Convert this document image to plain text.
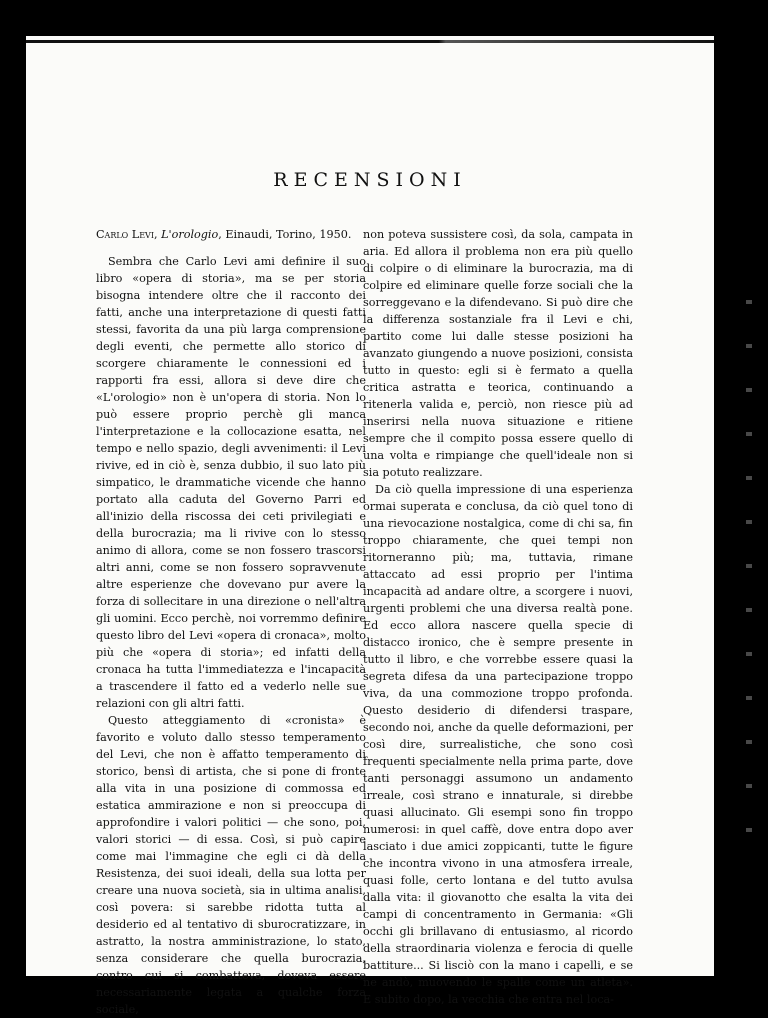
RECENSIONI

Carlo Levi, L'orologio, Einaudi, Torino, 1950.

Sembra che Carlo Levi ami definire il suo libro «opera di storia», ma se per storia bisogna intendere oltre che il racconto dei fatti, anche una interpretazione di questi fatti stessi, favorita da una più larga comprensione degli eventi, che permette allo storico di scorgere chiaramente le connessioni ed i rapporti fra essi, allora si deve dire che «L'orologio» non è un'opera di storia. Non lo può essere proprio perchè gli manca l'interpretazione e la collocazione esatta, nel tempo e nello spazio, degli avvenimenti: il Levi rivive, ed in ciò è, senza dubbio, il suo lato più simpatico, le drammatiche vicende che hanno portato alla caduta del Governo Parri ed all'inizio della riscossa dei ceti privilegiati e della burocrazia; ma li rivive con lo stesso animo di allora, come se non fossero trascorsi altri anni, come se non fossero sopravvenute altre esperienze che dovevano pur avere la forza di sollecitare in una direzione o nell'altra gli uomini. Ecco perchè, noi vorremmo definire questo libro del Levi «opera di cronaca», molto più che «opera di storia»; ed infatti della cronaca ha tutta l'immediatezza e l'incapacità a trascendere il fatto ed a vederlo nelle sue relazioni con gli altri fatti.

Questo atteggiamento di «cronista» è favorito e voluto dallo stesso temperamento del Levi, che non è affatto temperamento di storico, bensì di artista, che si pone di fronte alla vita in una posizione di commossa ed estatica ammirazione e non si preoccupa di approfondire i valori politici — che sono, poi, valori storici — di essa. Così, si può capire come mai l'immagine che egli ci dà della Resistenza, dei suoi ideali, della sua lotta per creare una nuova società, sia in ultima analisi, così povera: si sarebbe ridotta tutta al desiderio ed al tentativo di sburocratizzare, in astratto, la nostra amministrazione, lo stato, senza considerare che quella burocrazia, contro cui si combatteva, doveva essere necessariamente legata a qualche forza sociale,

non poteva sussistere così, da sola, campata in aria. Ed allora il problema non era più quello di colpire o di eliminare la burocrazia, ma di colpire ed eliminare quelle forze sociali che la sorreggevano e la difendevano. Si può dire che la differenza sostanziale fra il Levi e chi, partito come lui dalle stesse posizioni ha avanzato giungendo a nuove posizioni, consista tutto in questo: egli si è fermato a quella critica astratta e teorica, continuando a ritenerla valida e, perciò, non riesce più ad inserirsi nella nuova situazione e ritiene sempre che il compito possa essere quello di una volta e rimpiange che quell'ideale non si sia potuto realizzare.

Da ciò quella impressione di una esperienza ormai superata e conclusa, da ciò quel tono di una rievocazione nostalgica, come di chi sa, fin troppo chiaramente, che quei tempi non ritorneranno più; ma, tuttavia, rimane attaccato ad essi proprio per l'intima incapacità ad andare oltre, a scorgere i nuovi, urgenti problemi che una diversa realtà pone. Ed ecco allora nascere quella specie di distacco ironico, che è sempre presente in tutto il libro, e che vorrebbe essere quasi la segreta difesa da una partecipazione troppo viva, da una commozione troppo profonda. Questo desiderio di difendersi traspare, secondo noi, anche da quelle deformazioni, per così dire, surrealistiche, che sono così frequenti specialmente nella prima parte, dove tanti personaggi assumono un andamento irreale, così strano e innaturale, si direbbe quasi allucinato. Gli esempi sono fin troppo numerosi: in quel caffè, dove entra dopo aver lasciato i due amici zoppicanti, tutte le figure che incontra vivono in una atmosfera irreale, quasi folle, certo lontana e del tutto avulsa dalla vita: il giovanotto che esalta la vita dei campi di concentramento in Germania: «Gli occhi gli brillavano di entusiasmo, al ricordo della straordinaria violenza e ferocia di quelle battiture... Si lisciò con la mano i capelli, e se ne andò, muovendo le spalle come un atleta». E subito dopo, la vecchia che entra nel loca-
